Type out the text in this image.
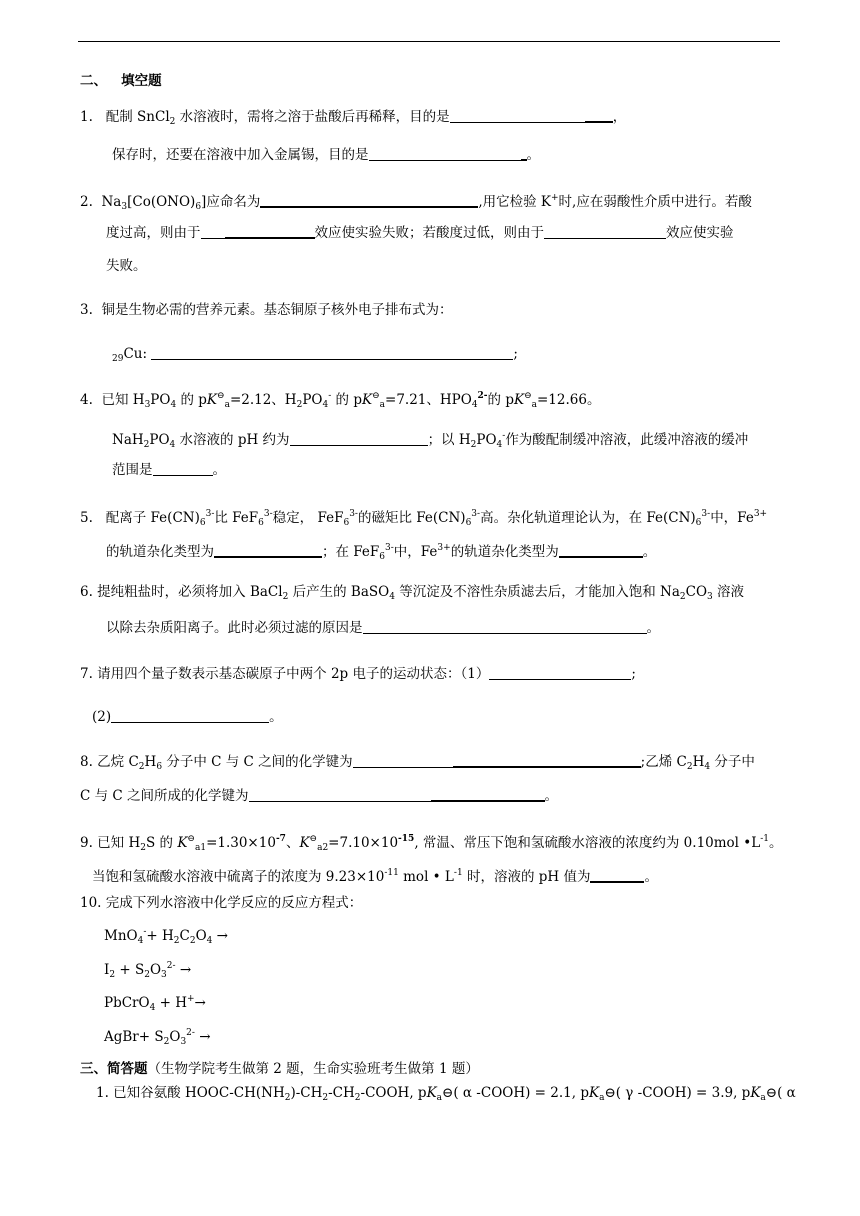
二、 填空题
1. 配制 SnCl$_2$ 水溶液时，需将之溶于盐酸后再稀释，目的是	，
保存时，还要在溶液中加入金属锡，目的是	。
2. $Na_3[Co(ONO)_6]$应命名为	,用它检验 K+时,应在弱酸性介质中进行。若酸
度过高，则由于	效应使实验失败；若酸度过低，则由于	效应使实验
失败。
3. 铜是生物必需的营养元素。基态铜原子核外电子排布式为：
$_{29}$Cu:	;
4. 已知 $H_3PO_4$ 的 $pK^⊖_a=2.12$、$H_2PO_4^-$ 的 $pK^⊖_a=7.21$、$HPO_4^{2-}$的 $pK^⊖_a=12.66$。
$NaH_2PO_4$ 水溶液的 pH 约为	；以 $H_2PO_4^-$作为酸配制缓冲溶液，此缓冲溶液的缓冲
范围是	。
5. 配离子 $Fe(CN)_6^{3-}$比 FeF$_6^{3-}$稳定， FeF$_6^{3-}$的磁矩比 $Fe(CN)_6^{3-}$高。杂化轨道理论认为，在 $Fe(CN)_6^{3-}$中，$Fe^{3+}$
的轨道杂化类型为	；在 FeF$_6^{3-}$中，$Fe^{3+}$的轨道杂化类型为	。
6. 提纯粗盐时，必须将加入 BaCl$_2$ 后产生的 BaSO$_4$ 等沉淀及不溶性杂质滤去后，才能加入饱和 $Na_2CO_3$ 溶液
以除去杂质阳离子。此时必须过滤的原因是	。
7. 请用四个量子数表示基态碳原子中两个 2p 电子的运动状态：（1）	;
(2)	。
8. 乙烷 $C_2H_6$ 分子中 C 与 C 之间的化学键为	;乙烯 $C_2H_4$ 分子中
C 与 C 之间所成的化学键为	。
9. 已知 $H_2S$ 的 $K^⊖_{a1}=1.30\times 10^{-7}$、$K^⊖_{a2}=7.10\times 10^{-15}$, 常温、常压下饱和氢硫酸水溶液的浓度约为 0.10mol $•L^{-1}$。
当饱和氢硫酸水溶液中硫离子的浓度为 $9.23\times 10^{-11}$ mol • $L^{-1}$ 时，溶液的 pH 值为	。
10. 完成下列水溶液中化学反应的反应方程式：
$MnO_4^-+ H_2C_2O_4$ →
$I_2 + S_2O_3^{2-}$ →
PbCrO$_4$ + H+→
AgBr+ $S_2O_3^{2-}$ →
三、简答题（生物学院考生做第 2 题，生命实验班考生做第 1 题）
1. 已知谷氨酸 HOOC-$CH(NH_2)-CH_2-CH_2$-COOH, $pK_a⊖$( α -COOH) = 2.1, $pK_a⊖$( γ -COOH) = 3.9, $pK_a⊖$( α
